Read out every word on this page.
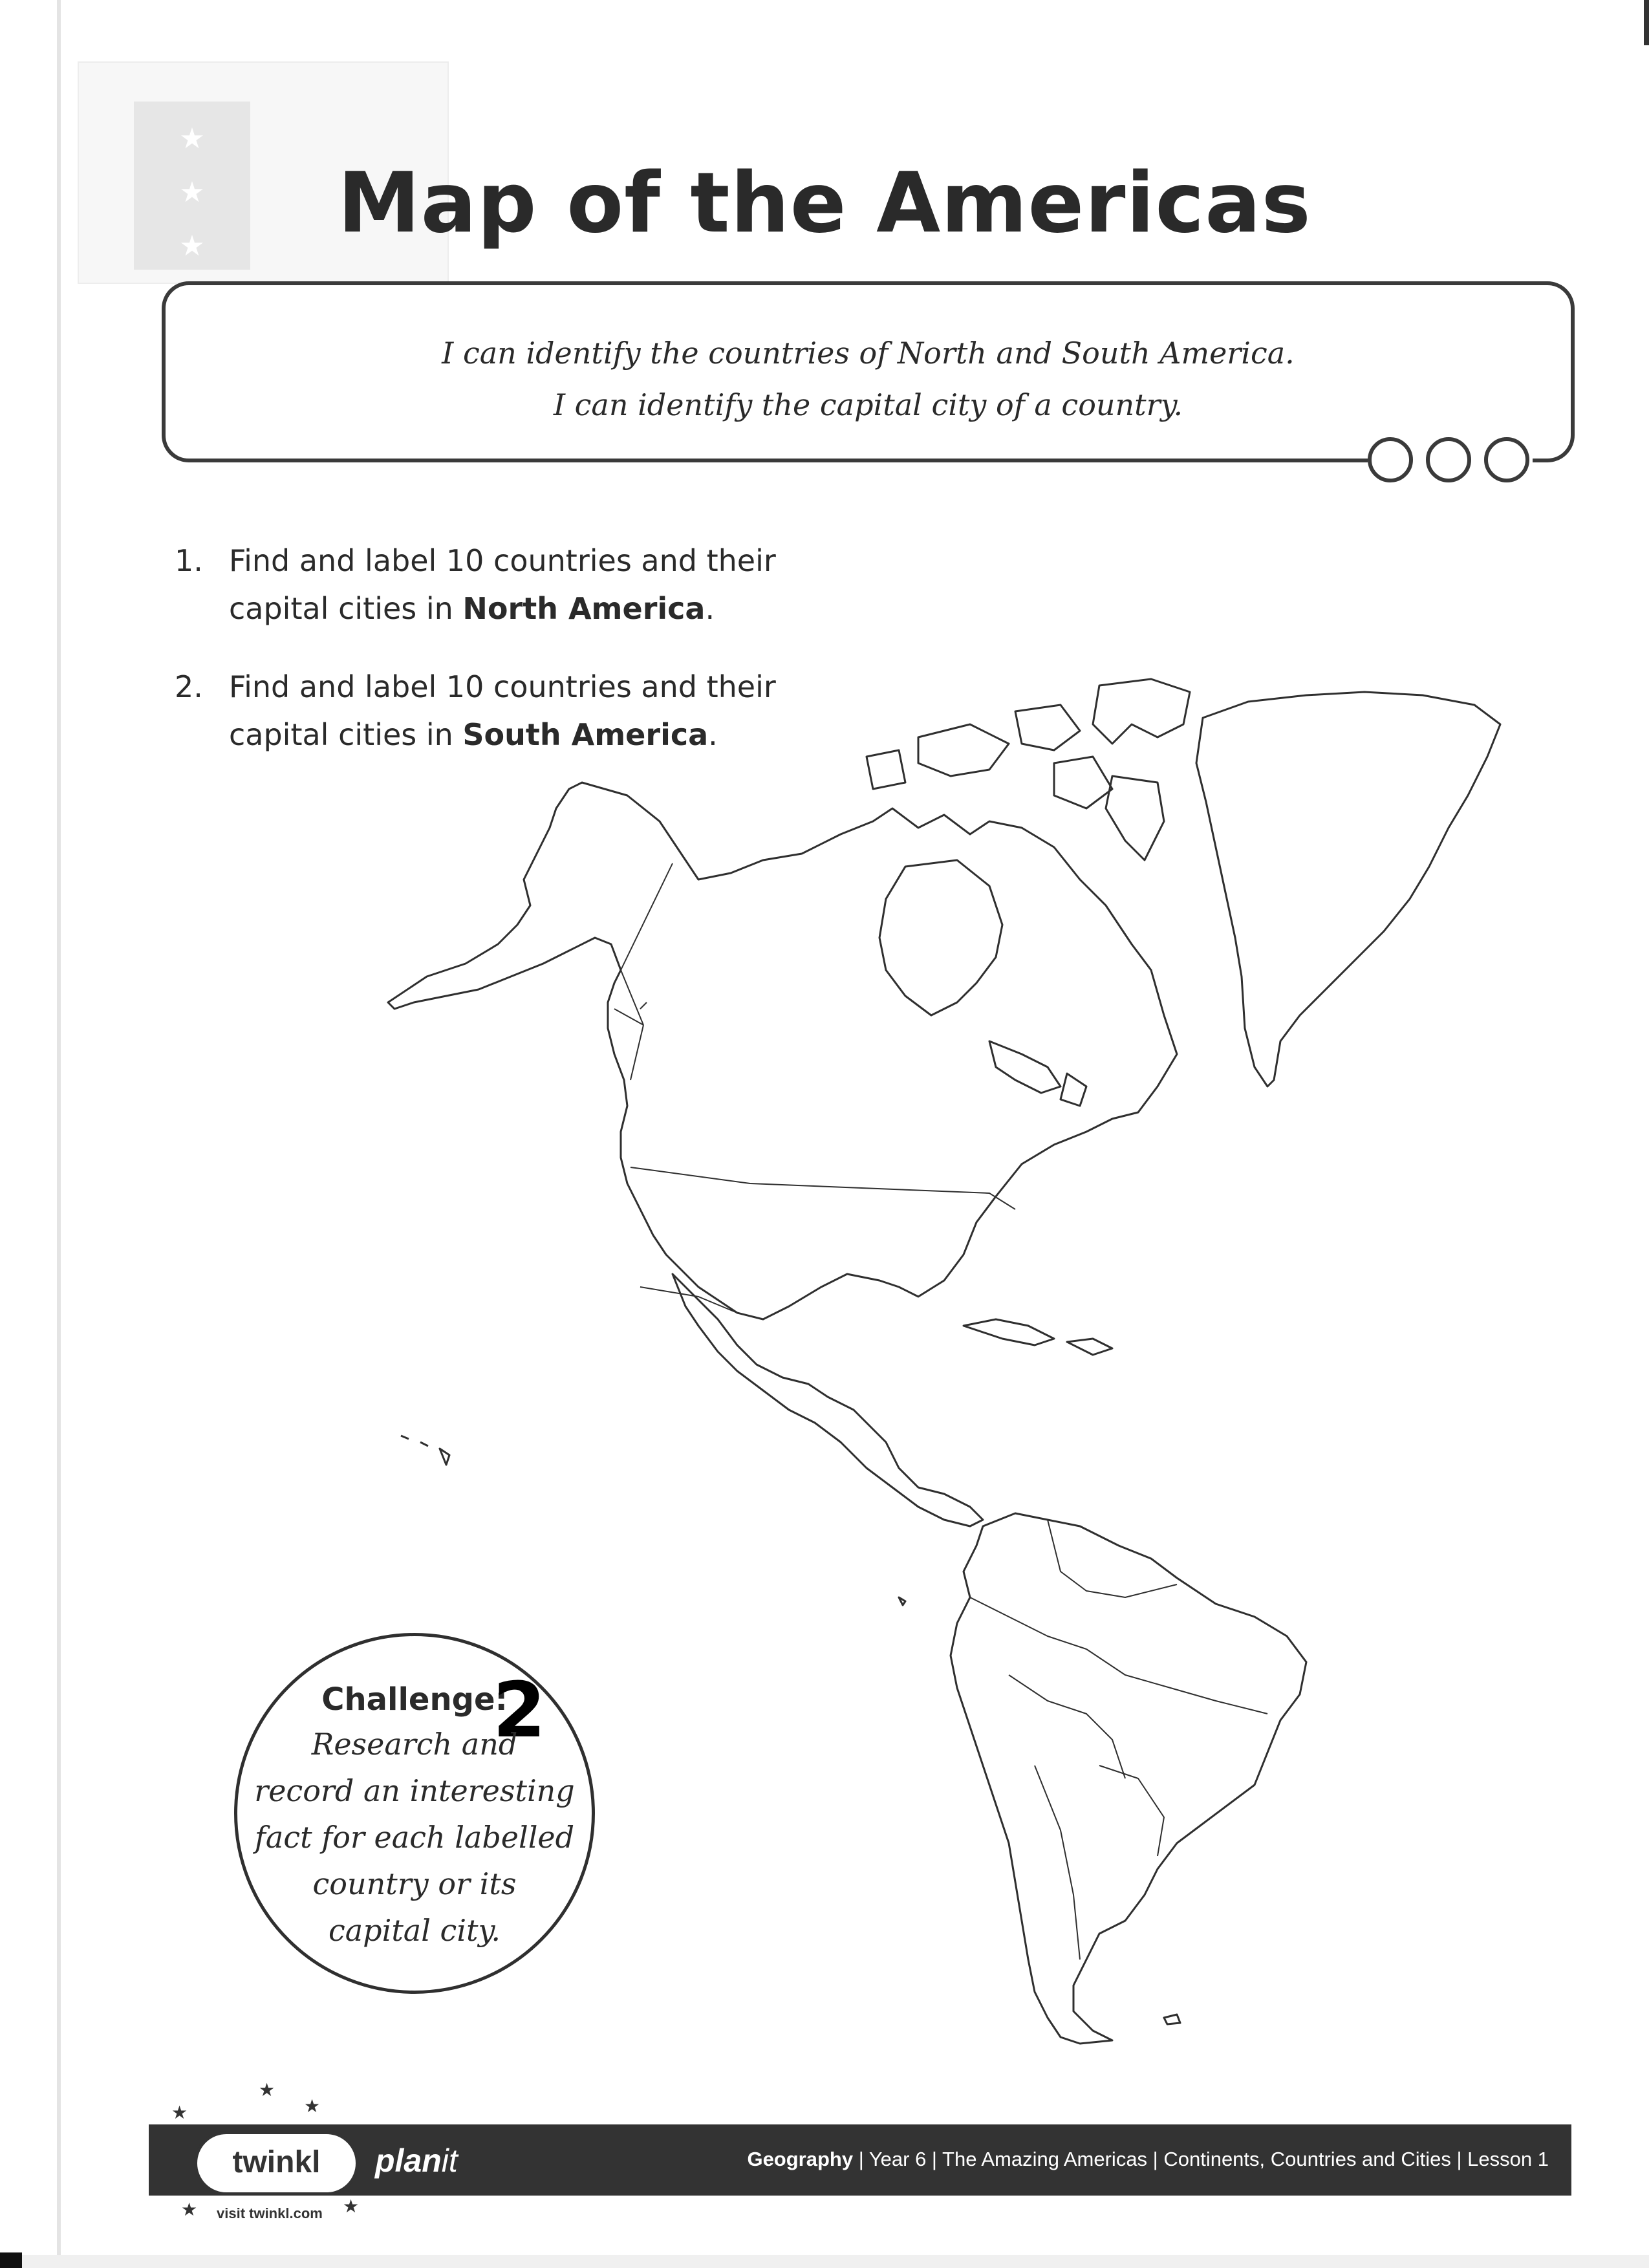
★
★
★	Map of the Americas
I can identify the countries of North and South America.
I can identify the capital city of a country.
1. Find and label 10 countries and their
capital cities in North America.
2. Find and label 10 countries and their
capital cities in South America.
Challenge:
2
Research and
record an interesting
fact for each labelled
country or its
capital city.
Geography | Year 6 | The Amazing Americas | Continents, Countries and Cities | Lesson 1
planit
twinkl
visit twinkl.com
★
★
★
★	★
